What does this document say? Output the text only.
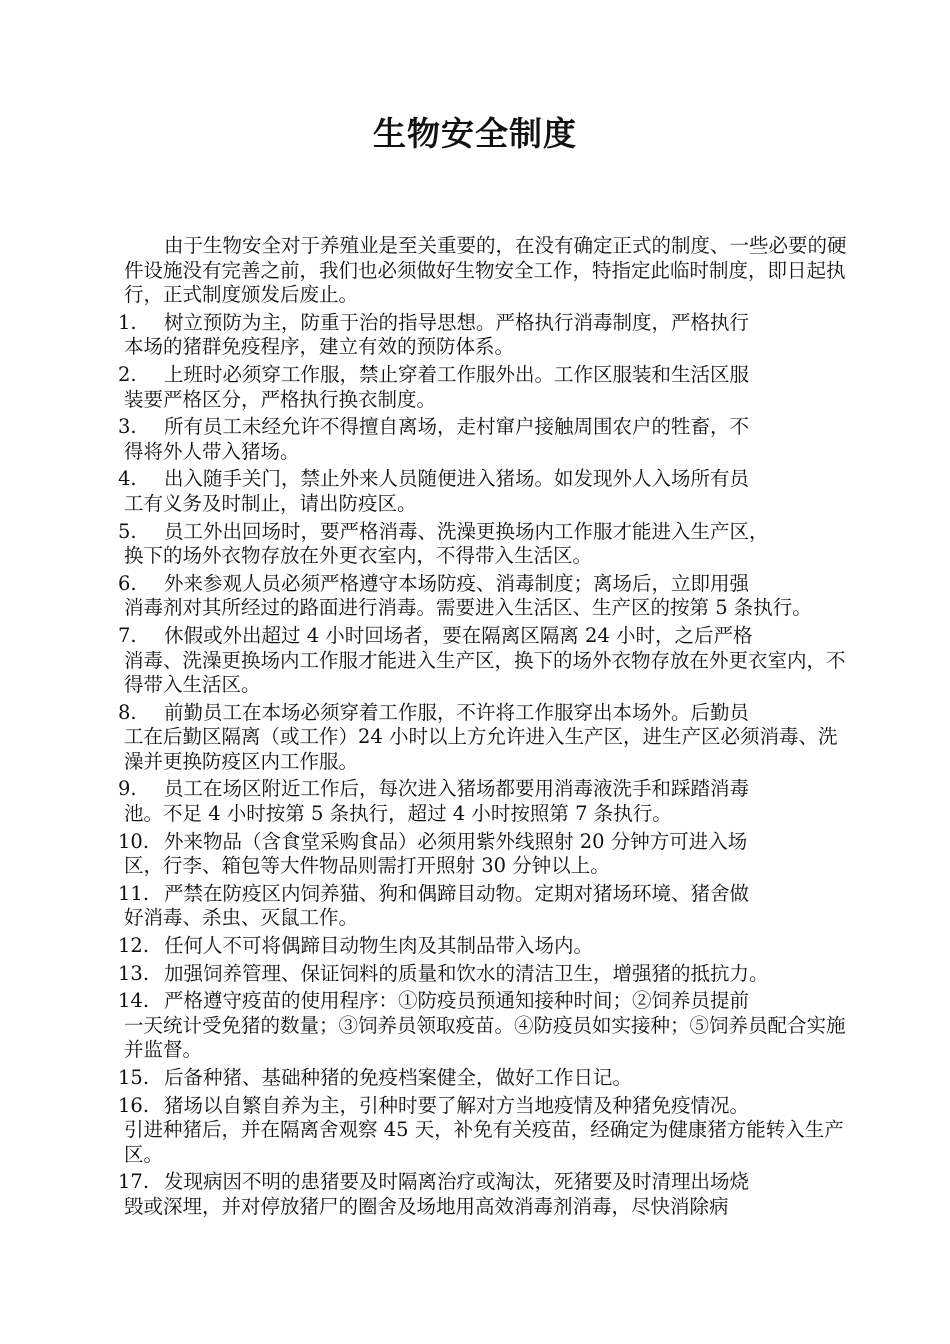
生物安全制度

由于生物安全对于养殖业是至关重要的，在没有确定正式的制度、一些必要的硬件设施没有完善之前，我们也必须做好生物安全工作，特指定此临时制度，即日起执行，正式制度颁发后废止。

1.	树立预防为主，防重于治的指导思想。严格执行消毒制度，严格执行
本场的猪群免疫程序，建立有效的预防体系。
2.	上班时必须穿工作服，禁止穿着工作服外出。工作区服装和生活区服
装要严格区分，严格执行换衣制度。
3.	所有员工未经允许不得擅自离场，走村窜户接触周围农户的牲畜，不
得将外人带入猪场。
4.	出入随手关门，禁止外来人员随便进入猪场。如发现外人入场所有员
工有义务及时制止，请出防疫区。
5.	员工外出回场时，要严格消毒、洗澡更换场内工作服才能进入生产区，
换下的场外衣物存放在外更衣室内，不得带入生活区。
6.	外来参观人员必须严格遵守本场防疫、消毒制度；离场后，立即用强
消毒剂对其所经过的路面进行消毒。需要进入生活区、生产区的按第 5 条执行。
7.	休假或外出超过 4 小时回场者，要在隔离区隔离 24 小时，之后严格
消毒、洗澡更换场内工作服才能进入生产区，换下的场外衣物存放在外更衣室内，不得带入生活区。
8.	前勤员工在本场必须穿着工作服，不许将工作服穿出本场外。后勤员
工在后勤区隔离（或工作）24 小时以上方允许进入生产区，进生产区必须消毒、洗澡并更换防疫区内工作服。
9.	员工在场区附近工作后，每次进入猪场都要用消毒液洗手和踩踏消毒
池。不足 4 小时按第 5 条执行，超过 4 小时按照第 7 条执行。
10. 外来物品（含食堂采购食品）必须用紫外线照射 20 分钟方可进入场
区，行李、箱包等大件物品则需打开照射 30 分钟以上。
11. 严禁在防疫区内饲养猫、狗和偶蹄目动物。定期对猪场环境、猪舍做
好消毒、杀虫、灭鼠工作。
12. 任何人不可将偶蹄目动物生肉及其制品带入场内。
13. 加强饲养管理、保证饲料的质量和饮水的清洁卫生，增强猪的抵抗力。
14. 严格遵守疫苗的使用程序：①防疫员预通知接种时间；②饲养员提前
一天统计受免猪的数量；③饲养员领取疫苗。④防疫员如实接种；⑤饲养员配合实施并监督。
15. 后备种猪、基础种猪的免疫档案健全，做好工作日记。
16. 猪场以自繁自养为主，引种时要了解对方当地疫情及种猪免疫情况。
引进种猪后，并在隔离舍观察 45 天，补免有关疫苗，经确定为健康猪方能转入生产区。
17. 发现病因不明的患猪要及时隔离治疗或淘汰，死猪要及时清理出场烧
毁或深埋，并对停放猪尸的圈舍及场地用高效消毒剂消毒，尽快消除病
